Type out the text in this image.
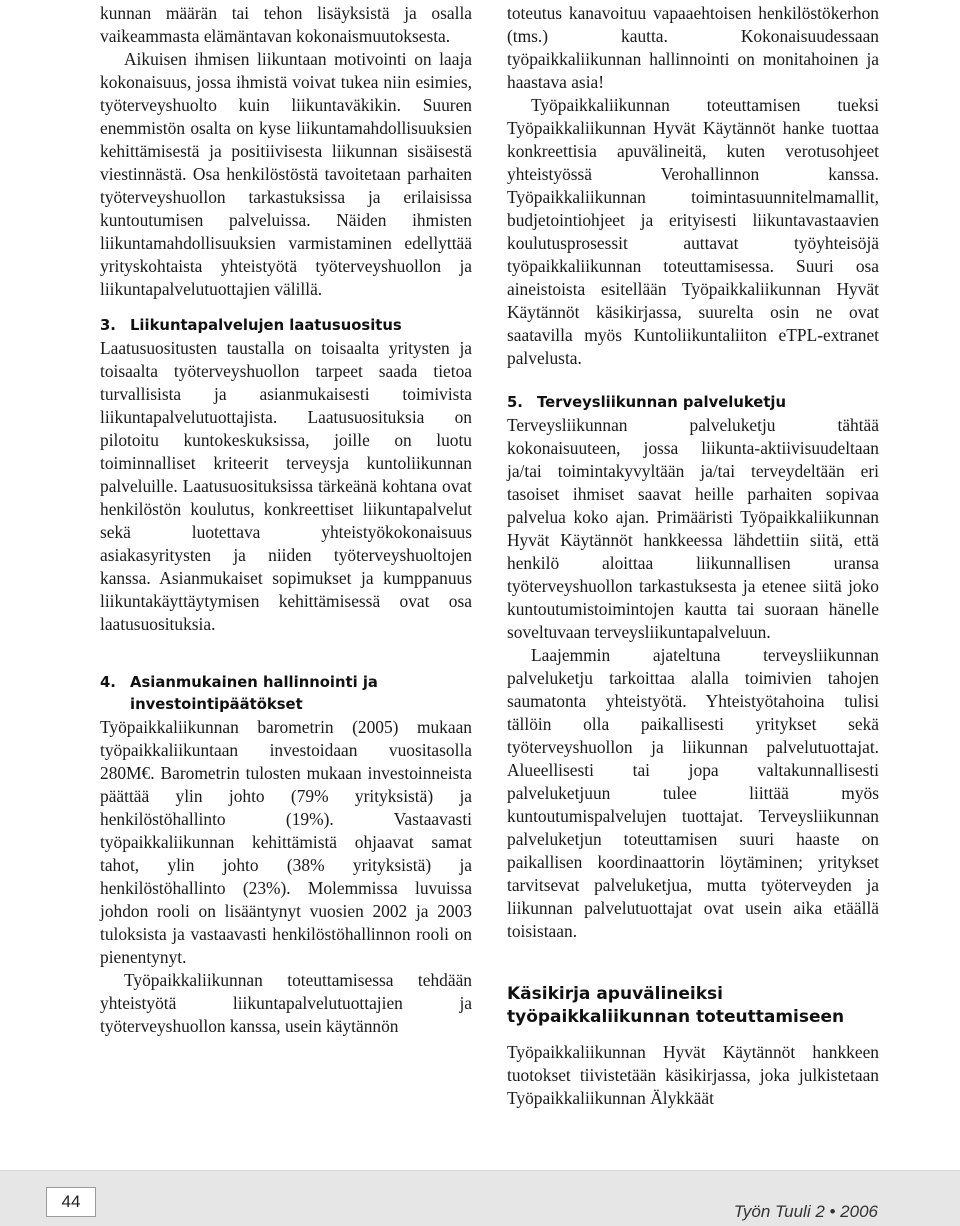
kunnan määrän tai tehon lisäyksistä ja osalla vaikeammasta elämäntavan kokonaismuutoksesta.

Aikuisen ihmisen liikuntaan motivointi on laaja kokonaisuus, jossa ihmistä voivat tukea niin esimies, työterveyshuolto kuin liikuntaväkikin. Suuren enemmistön osalta on kyse liikuntamahdollisuuksien kehittämisestä ja positiivisesta liikunnan sisäisestä viestinnästä. Osa henkilöstöstä tavoitetaan parhaiten työterveyshuollon tarkastuksissa ja erilaisissa kuntoutumisen palveluissa. Näiden ihmisten liikuntamahdollisuuksien varmistaminen edellyttää yrityskohtaista yhteistyötä työterveyshuollon ja liikuntapalvelutuottajien välillä.

3. Liikuntapalvelujen laatusuositus

Laatusuositusten taustalla on toisaalta yritysten ja toisaalta työterveyshuollon tarpeet saada tietoa turvallisista ja asianmukaisesti toimivista liikuntapalvelutuottajista. Laatusuosituksia on pilotoitu kuntokeskuksissa, joille on luotu toiminnalliset kriteerit terveysja kuntoliikunnan palveluille. Laatusuosituksissa tärkeänä kohtana ovat henkilöstön koulutus, konkreettiset liikuntapalvelut sekä luotettava yhteistyökokonaisuus asiakasyritysten ja niiden työterveyshuoltojen kanssa. Asianmukaiset sopimukset ja kumppanuus liikuntakäyttäytymisen kehittämisessä ovat osa laatusuosituksia.

4. Asianmukainen hallinnointi ja
investointipäätökset

Työpaikkaliikunnan barometrin (2005) mukaan työpaikkaliikuntaan investoidaan vuositasolla 280M€. Barometrin tulosten mukaan investoinneista päättää ylin johto (79% yrityksistä) ja henkilöstöhallinto (19%). Vastaavasti työpaikkaliikunnan kehittämistä ohjaavat samat tahot, ylin johto (38% yrityksistä) ja henkilöstöhallinto (23%). Molemmissa luvuissa johdon rooli on lisääntynyt vuosien 2002 ja 2003 tuloksista ja vastaavasti henkilöstöhallinnon rooli on pienentynyt.

Työpaikkaliikunnan toteuttamisessa tehdään yhteistyötä liikuntapalvelutuottajien ja työterveyshuollon kanssa, usein käytännön

toteutus kanavoituu vapaaehtoisen henkilöstökerhon (tms.) kautta. Kokonaisuudessaan työpaikkaliikunnan hallinnointi on monitahoinen ja haastava asia!

Työpaikkaliikunnan toteuttamisen tueksi Työpaikkaliikunnan Hyvät Käytännöt hanke tuottaa konkreettisia apuvälineitä, kuten verotusohjeet yhteistyössä Verohallinnon kanssa. Työpaikkaliikunnan toimintasuunnitelmamallit, budjetointiohjeet ja erityisesti liikuntavastaavien koulutusprosessit auttavat työyhteisöjä työpaikkaliikunnan toteuttamisessa. Suuri osa aineistoista esitellään Työpaikkaliikunnan Hyvät Käytännöt käsikirjassa, suurelta osin ne ovat saatavilla myös Kuntoliikuntaliiton eTPL-extranet palvelusta.

5. Terveysliikunnan palveluketju

Terveysliikunnan palveluketju tähtää kokonaisuuteen, jossa liikunta-aktiivisuudeltaan ja/tai toimintakyvyltään ja/tai terveydeltään eri tasoiset ihmiset saavat heille parhaiten sopivaa palvelua koko ajan. Primääristi Työpaikkaliikunnan Hyvät Käytännöt hankkeessa lähdettiin siitä, että henkilö aloittaa liikunnallisen uransa työterveyshuollon tarkastuksesta ja etenee siitä joko kuntoutumistoimintojen kautta tai suoraan hänelle soveltuvaan terveysliikuntapalveluun.

Laajemmin ajateltuna terveysliikunnan palveluketju tarkoittaa alalla toimivien tahojen saumatonta yhteistyötä. Yhteistyötahoina tulisi tällöin olla paikallisesti yritykset sekä työterveyshuollon ja liikunnan palvelutuottajat. Alueellisesti tai jopa valtakunnallisesti palveluketjuun tulee liittää myös kuntoutumispalvelujen tuottajat. Terveysliikunnan palveluketjun toteuttamisen suuri haaste on paikallisen koordinaattorin löytäminen; yritykset tarvitsevat palveluketjua, mutta työterveyden ja liikunnan palvelutuottajat ovat usein aika etäällä toisistaan.

Käsikirja apuvälineiksi
työpaikkaliikunnan toteuttamiseen

Työpaikkaliikunnan Hyvät Käytännöt hankkeen tuotokset tiivistetään käsikirjassa, joka julkistetaan Työpaikkaliikunnan Älykkäät

44
Työn Tuuli 2 • 2006
